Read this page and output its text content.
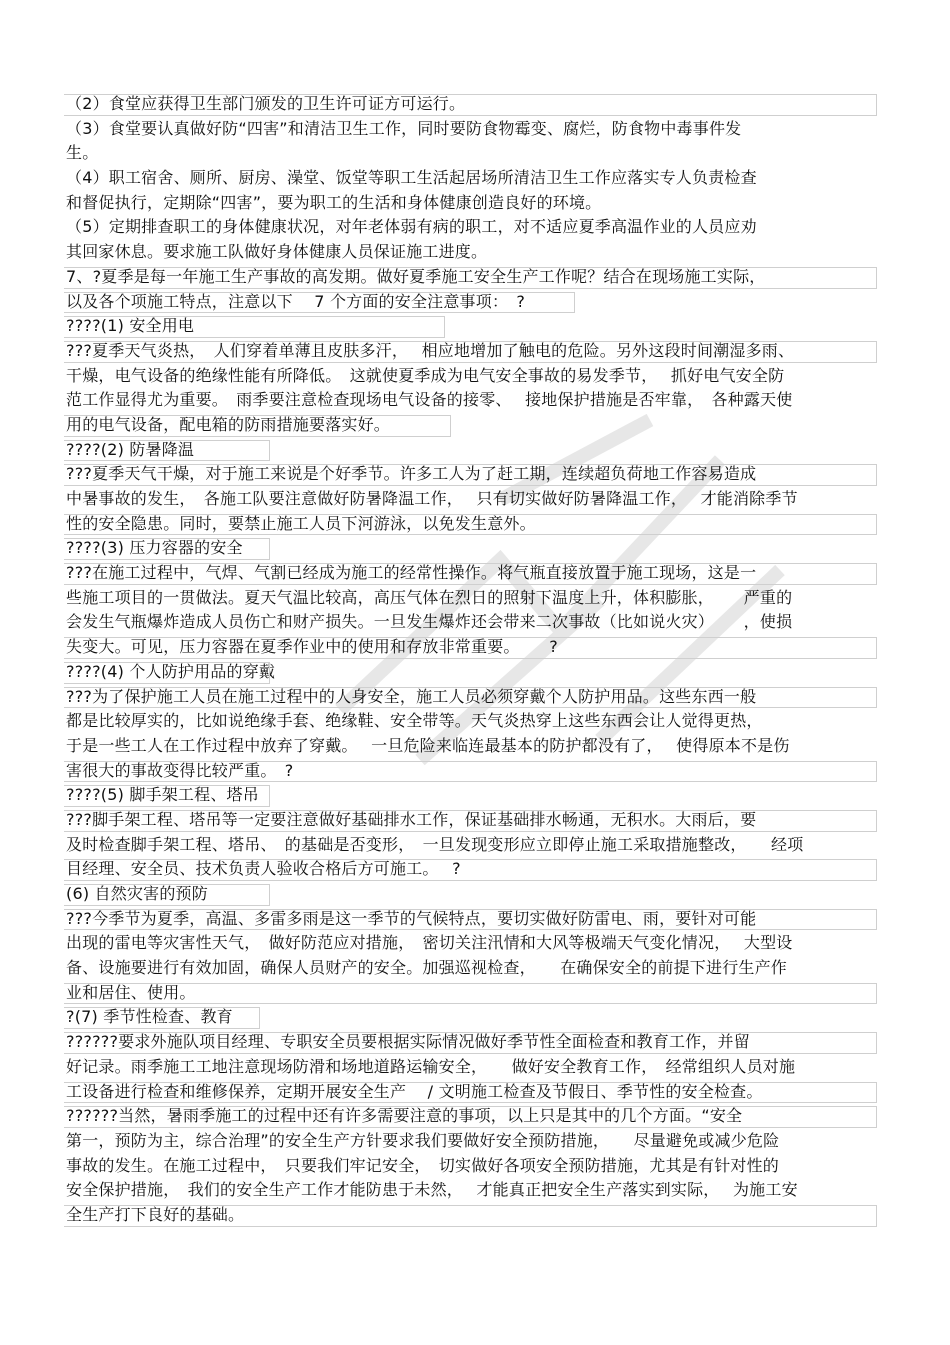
（2）食堂应获得卫生部门颁发的卫生许可证方可运行。
（3）食堂要认真做好防“四害”和清洁卫生工作，同时要防食物霉变、腐烂，防食物中毒事件发
生。
（4）职工宿舍、厕所、厨房、澡堂、饭堂等职工生活起居场所清洁卫生工作应落实专人负责检查
和督促执行，定期除“四害”，要为职工的生活和身体健康创造良好的环境。
（5）定期排查职工的身体健康状况，对年老体弱有病的职工，对不适应夏季高温作业的人员应劝
其回家休息。要求施工队做好身体健康人员保证施工进度。
7、?夏季是每一年施工生产事故的高发期。做好夏季施工安全生产工作呢？结合在现场施工实际，
以及各个项施工特点，注意以下　 7 个方面的安全注意事项：　?
????(1) 安全用电
???夏季天气炎热，　人们穿着单薄且皮肤多汗，　 相应地增加了触电的危险。另外这段时间潮湿多雨、
干燥，电气设备的绝缘性能有所降低。　这就使夏季成为电气安全事故的易发季节，　 抓好电气安全防
范工作显得尤为重要。　雨季要注意检查现场电气设备的接零、　 接地保护措施是否牢靠，　各种露天使
用的电气设备，配电箱的防雨措施要落实好。
????(2) 防暑降温
???夏季天气干燥，对于施工来说是个好季节。许多工人为了赶工期，连续超负荷地工作容易造成
中暑事故的发生，　各施工队要注意做好防暑降温工作，　 只有切实做好防暑降温工作，　 才能消除季节
性的安全隐患。同时，要禁止施工人员下河游泳，以免发生意外。
????(3) 压力容器的安全
???在施工过程中，气焊、气割已经成为施工的经常性操作。将气瓶直接放置于施工现场，这是一
些施工项目的一贯做法。夏天气温比较高，高压气体在烈日的照射下温度上升，体积膨胀，　　 严重的
会发生气瓶爆炸造成人员伤亡和财产损失。一旦发生爆炸还会带来二次事故（比如说火灾）　 　，使损
失变大。可见，压力容器在夏季作业中的使用和存放非常重要。　　 ?
????(4) 个人防护用品的穿戴
???为了保护施工人员在施工过程中的人身安全，施工人员必须穿戴个人防护用品。这些东西一般
都是比较厚实的，比如说绝缘手套、绝缘鞋、安全带等。天气炎热穿上这些东西会让人觉得更热，
于是一些工人在工作过程中放弃了穿戴。　 一旦危险来临连最基本的防护都没有了，　 使得原本不是伤
害很大的事故变得比较严重。　?
????(5) 脚手架工程、塔吊
???脚手架工程、塔吊等一定要注意做好基础排水工作，保证基础排水畅通，无积水。大雨后，要
及时检查脚手架工程、塔吊、　的基础是否变形，　一旦发现变形应立即停止施工采取措施整改，　　经项
目经理、安全员、技术负责人验收合格后方可施工。　 ?
(6) 自然灾害的预防
???今季节为夏季，高温、多雷多雨是这一季节的气候特点，要切实做好防雷电、雨，要针对可能
出现的雷电等灾害性天气，　做好防范应对措施，　密切关注汛情和大风等极端天气变化情况，　 大型设
备、设施要进行有效加固，确保人员财产的安全。加强巡视检查，　　在确保安全的前提下进行生产作
业和居住、使用。
?(7) 季节性检查、教育
??????要求外施队项目经理、专职安全员要根据实际情况做好季节性全面检查和教育工作，并留
好记录。雨季施工工地注意现场防滑和场地道路运输安全，　　做好安全教育工作，　经常组织人员对施
工设备进行检查和维修保养，定期开展安全生产　 / 文明施工检查及节假日、季节性的安全检查。
??????当然，暑雨季施工的过程中还有许多需要注意的事项，以上只是其中的几个方面。“安全
第一，预防为主，综合治理”的安全生产方针要求我们要做好安全预防措施，　　尽量避免或减少危险
事故的发生。在施工过程中，　只要我们牢记安全，　切实做好各项安全预防措施，尤其是有针对性的
安全保护措施，　我们的安全生产工作才能防患于未然，　 才能真正把安全生产落实到实际，　 为施工安
全生产打下良好的基础。
